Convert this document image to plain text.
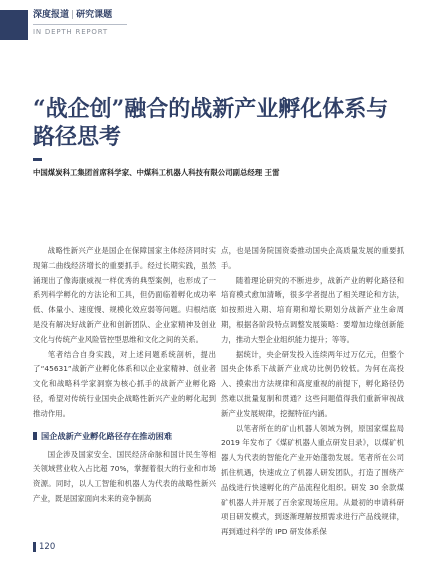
深度报道 | 研究课题
IN DEPTH REPORT
“战企创”融合的战新产业孵化体系与路径思考
中国煤炭科工集团首席科学家、中煤科工机器人科技有限公司副总经理 王雷

战略性新兴产业是国企在保障国家主体经济同时实现第二曲线经济增长的重要抓手。经过长期实践，虽然涌现出了像海康威视一样优秀的典型案例，也形成了一系列科学孵化的方法论和工具，但仍面临着孵化成功率低、体量小、速度慢、规模化效应弱等问题。归根结底是没有解决好战新产业和创新团队、企业家精神及创业文化与传统产业风险管控型思维和文化之间的关系。

笔者结合自身实践，对上述问题系统剖析，提出了“45631”战新产业孵化体系和以企业家精神、创业者文化和战略科学家洞察为核心抓手的战新产业孵化路径，希望对传统行业国央企战略性新兴产业的孵化起到推动作用。

国企战新产业孵化路径存在推动困难

国企涉及国家安全、国民经济命脉和国计民生等相关领域营业收入占比超 70%，掌握着很大的行业和市场资源。同时，以人工智能和机器人为代表的战略性新兴产业，既是国家面向未来的竞争制高

点，也是国务院国资委推动国央企高质量发展的重要抓手。

随着理论研究的不断进步，战新产业的孵化路径和培育模式愈加清晰，很多学者提出了相关理论和方法，如按照进入期、培育期和增长期划分战新产业生命周期，根据各阶段特点调整发展策略：要增加边缘创新能力，推动大型企业组织能力提升；等等。

据统计，央企研发投入连续两年过万亿元，但整个国央企体系下战新产业成功比例仍较低。为何在高投入、摸索出方法规律和高度重视的前提下，孵化路径仍然难以批量复制和贯通？这些问题值得我们重新审视战新产业发展规律，挖掘特征内涵。

以笔者所在的矿山机器人领域为例，原国家煤监局 2019 年发布了《煤矿机器人重点研发目录》，以煤矿机器人为代表的智能化产业开始蓬勃发展。笔者所在公司抓住机遇，快速成立了机器人研发团队，打造了围绕产品线进行快速孵化的产品流程化组织。研发 30 余款煤矿机器人并开展了百余家现场应用。从最初的申请科研项目研发模式，到逐渐理解按照需求进行产品线规律，再到通过科学的 IPD 研发体系保

120
